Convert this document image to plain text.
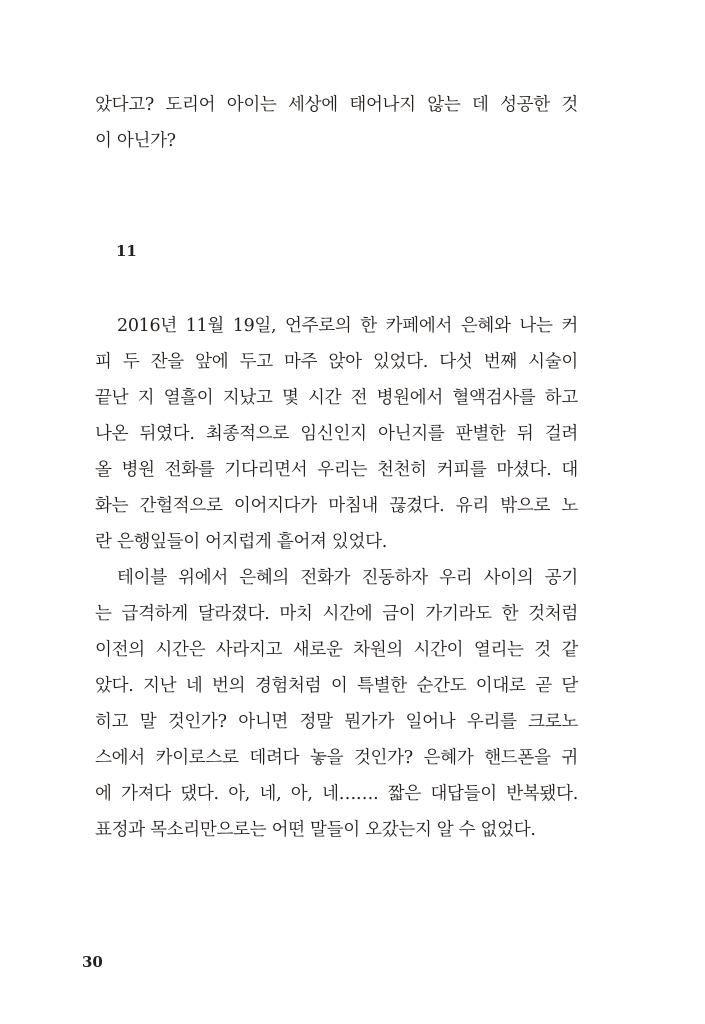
았다고? 도리어 아이는 세상에 태어나지 않는 데 성공한 것
이 아닌가?
11
2016년 11월 19일, 언주로의 한 카페에서 은혜와 나는 커
피 두 잔을 앞에 두고 마주 앉아 있었다. 다섯 번째 시술이
끝난 지 열흘이 지났고 몇 시간 전 병원에서 혈액검사를 하고
나온 뒤였다. 최종적으로 임신인지 아닌지를 판별한 뒤 걸려
올 병원 전화를 기다리면서 우리는 천천히 커피를 마셨다. 대
화는 간헐적으로 이어지다가 마침내 끊겼다. 유리 밖으로 노
란 은행잎들이 어지럽게 흩어져 있었다.
테이블 위에서 은혜의 전화가 진동하자 우리 사이의 공기
는 급격하게 달라졌다. 마치 시간에 금이 가기라도 한 것처럼
이전의 시간은 사라지고 새로운 차원의 시간이 열리는 것 같
았다. 지난 네 번의 경험처럼 이 특별한 순간도 이대로 곧 닫
히고 말 것인가? 아니면 정말 뭔가가 일어나 우리를 크로노
스에서 카이로스로 데려다 놓을 것인가? 은혜가 핸드폰을 귀
에 가져다 댔다. 아, 네, 아, 네……. 짧은 대답들이 반복됐다.
표정과 목소리만으로는 어떤 말들이 오갔는지 알 수 없었다.
30
